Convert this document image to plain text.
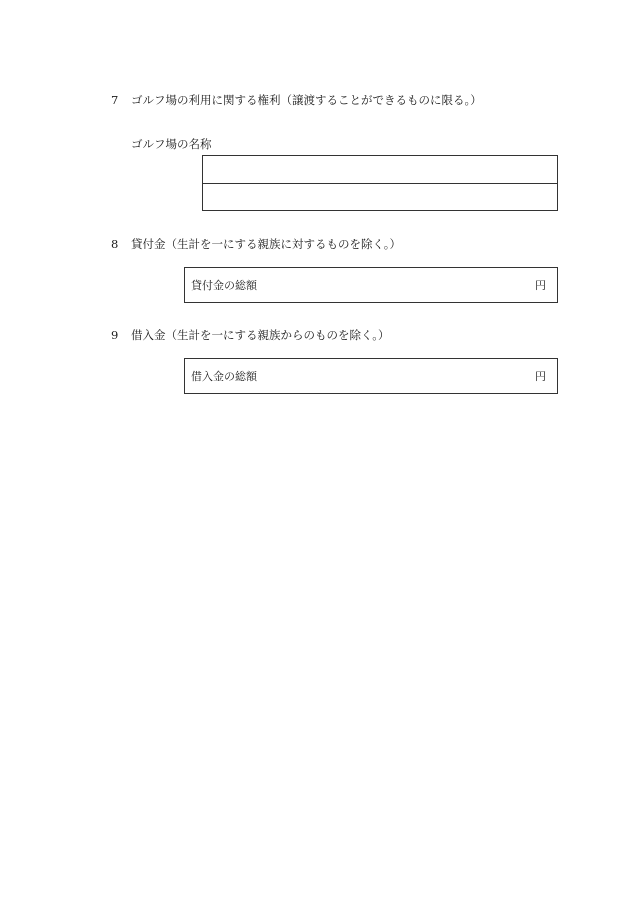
7 ゴルフ場の利用に関する権利（譲渡することができるものに限る。）
ゴルフ場の名称
8 貸付金（生計を一にする親族に対するものを除く。）
貸付金の総額	円
9 借入金（生計を一にする親族からのものを除く。）
借入金の総額	円
